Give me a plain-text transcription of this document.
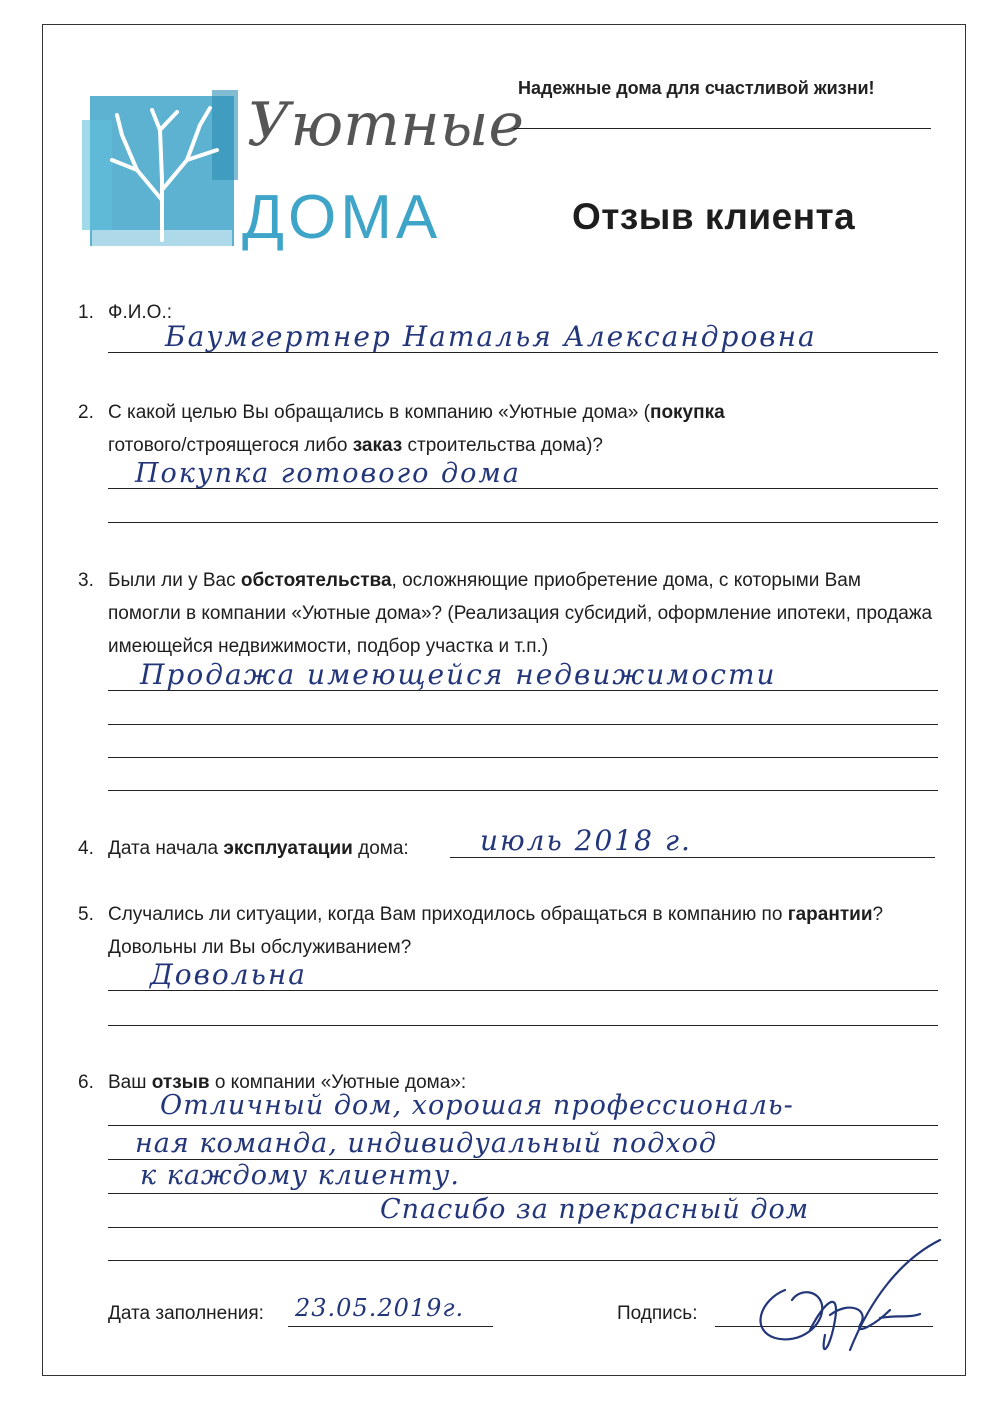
Уютные
ДОМА
Надежные дома для счастливой жизни!
Отзыв клиента
1. Ф.И.О.:
Баумгертнер Наталья Александровна
2. С какой целью Вы обращались в компанию «Уютные дома» (покупка
готового/строящегося либо заказ строительства дома)?
Покупка готового дома
3. Были ли у Вас обстоятельства, осложняющие приобретение дома, с которыми Вам помогли в компании «Уютные дома»? (Реализация субсидий, оформление ипотеки, продажа имеющейся недвижимости, подбор участка и т.п.)
Продажа имеющейся недвижимости
4. Дата начала эксплуатации дома:	июль 2018 г.
5. Случались ли ситуации, когда Вам приходилось обращаться в компанию по гарантии? Довольны ли Вы обслуживанием?
Довольна
6. Ваш отзыв о компании «Уютные дома»:
Отличный дом, хорошая профессиональ-
ная команда, индивидуальный подход
к каждому клиенту.
Спасибо за прекрасный дом
Дата заполнения: 23.05.2019г.	Подпись:
